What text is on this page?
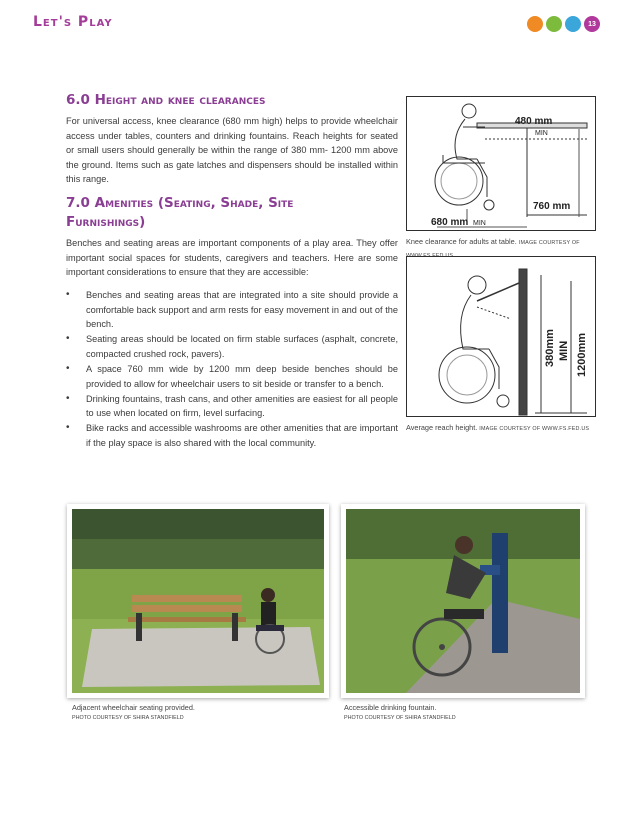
Let's Play	13
6.0 Height and knee clearances

For universal access, knee clearance (680 mm high) helps to provide wheelchair access under tables, counters and drinking fountains. Reach heights for seated or small users should generally be within the range of 380 mm- 1200 mm above the ground. Items such as gate latches and dispensers should be installed within this range.

7.0 Amenities (Seating, Shade, Site Furnishings)

Benches and seating areas are important components of a play area. They offer important social spaces for students, caregivers and teachers. Here are some important considerations to ensure that they are accessible:

• Benches and seating areas that are integrated into a site should provide a comfortable back support and arm rests for easy movement in and out of the bench.
• Seating areas should be located on firm stable surfaces (asphalt, concrete, compacted crushed rock, pavers).
• A space 760 mm wide by 1200 mm deep beside benches should be provided to allow for wheelchair users to sit beside or transfer to a bench.
• Drinking fountains, trash cans, and other amenities are easiest for all people to use when located on firm, level surfacing.
• Bike racks and accessible washrooms are other amenities that are important if the play space is also shared with the local community.
480 mm
MIN
760 mm
680 mm MIN
Knee clearance for adults at table. IMAGE COURTESY OF
380mm MIN 1200mm
Average reach height. IMAGE COURTESY OF WWW.FS.FED.US
Adjacent wheelchair seating provided.
PHOTO COURTESY OF SHIRA STANDFIELD
Accessible drinking fountain.
PHOTO COURTESY OF SHIRA STANDFIELD
